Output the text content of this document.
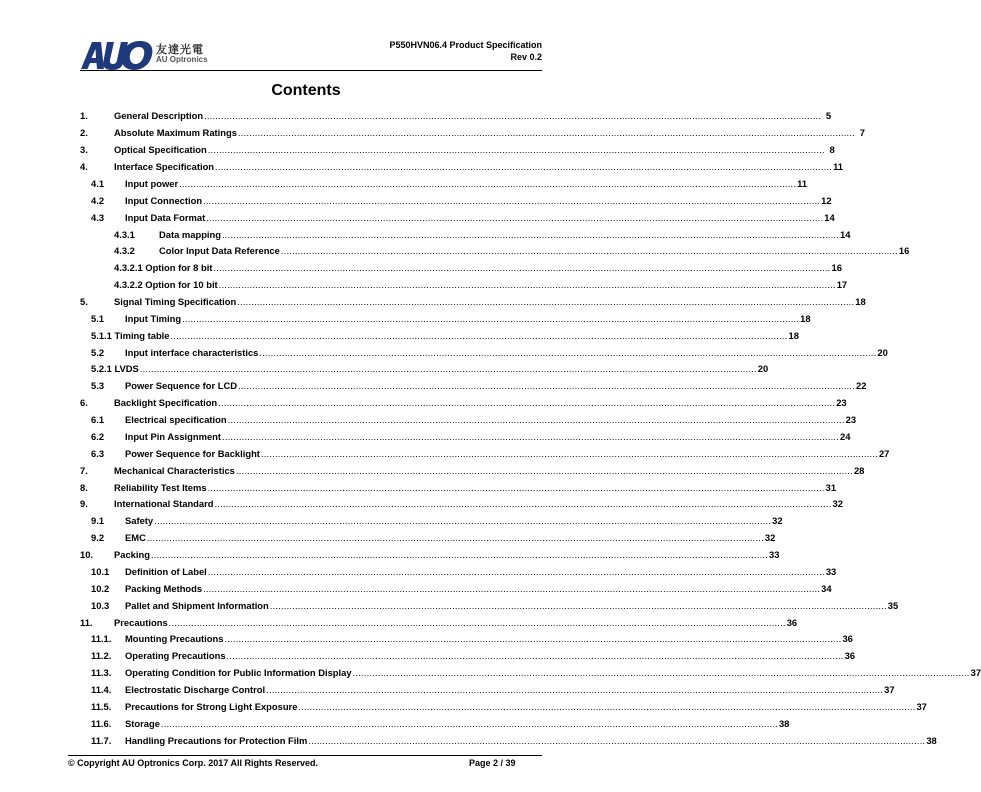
友達光電
AU Optronics
P550HVN06.4 Product Specification
Rev 0.2
Contents
1.	General Description ............................................................................................................................................................................................................................ 5
2.	Absolute Maximum Ratings ............................................................................................................................................................................................................................ 7
3.	Optical Specification ............................................................................................................................................................................................................................ 8
4.	Interface Specification ............................................................................................................................................................................................................................ 11
4.1	Input power ............................................................................................................................................................................................................................ 11
4.2	Input Connection ............................................................................................................................................................................................................................ 12
4.3	Input Data Format ............................................................................................................................................................................................................................ 14
4.3.1	Data mapping ............................................................................................................................................................................................................................ 14
4.3.2	Color Input Data Reference ............................................................................................................................................................................................................................ 16
4.3.2.1 Option for 8 bit ............................................................................................................................................................................................................................ 16
4.3.2.2 Option for 10 bit ............................................................................................................................................................................................................................ 17
5.	Signal Timing Specification ............................................................................................................................................................................................................................ 18
5.1	Input Timing ............................................................................................................................................................................................................................ 18
5.1.1 Timing table ............................................................................................................................................................................................................................ 18
5.2	Input interface characteristics ............................................................................................................................................................................................................................ 20
5.2.1 LVDS ............................................................................................................................................................................................................................ 20
5.3	Power Sequence for LCD ............................................................................................................................................................................................................................ 22
6.	Backlight Specification ............................................................................................................................................................................................................................ 23
6.1	Electrical specification ............................................................................................................................................................................................................................ 23
6.2	Input Pin Assignment ............................................................................................................................................................................................................................ 24
6.3	Power Sequence for Backlight ............................................................................................................................................................................................................................ 27
7.	Mechanical Characteristics ............................................................................................................................................................................................................................ 28
8.	Reliability Test Items ............................................................................................................................................................................................................................ 31
9.	International Standard ............................................................................................................................................................................................................................ 32
9.1	Safety ............................................................................................................................................................................................................................ 32
9.2	EMC ............................................................................................................................................................................................................................ 32
10.	Packing ............................................................................................................................................................................................................................ 33
10.1	Definition of Label ............................................................................................................................................................................................................................ 33
10.2	Packing Methods ............................................................................................................................................................................................................................ 34
10.3	Pallet and Shipment Information ............................................................................................................................................................................................................................ 35
11.	Precautions ............................................................................................................................................................................................................................ 36
11.1.	Mounting Precautions ............................................................................................................................................................................................................................ 36
11.2.	Operating Precautions ............................................................................................................................................................................................................................ 36
11.3.	Operating Condition for Public Information Display ............................................................................................................................................................................................................................ 37
11.4.	Electrostatic Discharge Control ............................................................................................................................................................................................................................ 37
11.5.	Precautions for Strong Light Exposure ............................................................................................................................................................................................................................ 37
11.6.	Storage ............................................................................................................................................................................................................................ 38
11.7.	Handling Precautions for Protection Film ............................................................................................................................................................................................................................ 38
© Copyright AU Optronics Corp. 2017 All Rights Reserved.	Page 2 / 39
